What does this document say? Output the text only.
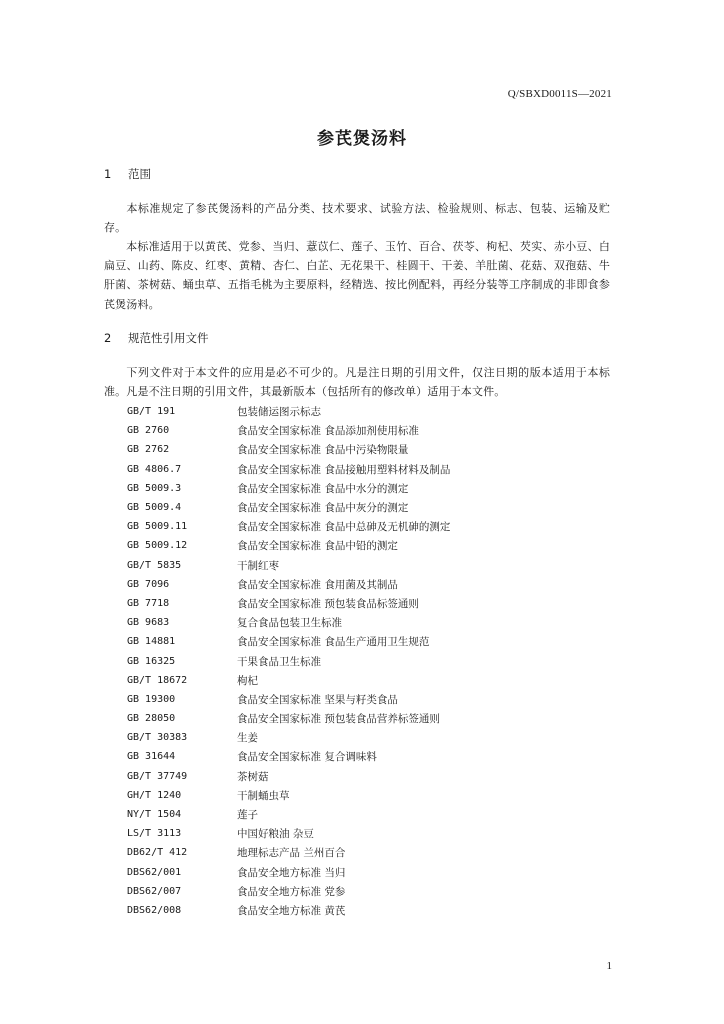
Q/SBXD0011S—2021
参芪煲汤料
1 范围
本标准规定了参芪煲汤料的产品分类、技术要求、试验方法、检验规则、标志、包装、运输及贮存。
本标准适用于以黄芪、党参、当归、薏苡仁、莲子、玉竹、百合、茯苓、枸杞、芡实、赤小豆、白扁豆、山药、陈皮、红枣、黄精、杏仁、白芷、无花果干、桂圆干、干姜、羊肚菌、花菇、双孢菇、牛肝菌、茶树菇、蛹虫草、五指毛桃为主要原料，经精选、按比例配料，再经分装等工序制成的非即食参芪煲汤料。
2 规范性引用文件
下列文件对于本文件的应用是必不可少的。凡是注日期的引用文件，仅注日期的版本适用于本标准。凡是不注日期的引用文件，其最新版本（包括所有的修改单）适用于本文件。
GB/T 191	包装储运图示标志
GB 2760	食品安全国家标准 食品添加剂使用标准
GB 2762	食品安全国家标准 食品中污染物限量
GB 4806.7	食品安全国家标准 食品接触用塑料材料及制品
GB 5009.3	食品安全国家标准 食品中水分的测定
GB 5009.4	食品安全国家标准 食品中灰分的测定
GB 5009.11	食品安全国家标准 食品中总砷及无机砷的测定
GB 5009.12	食品安全国家标准 食品中铅的测定
GB/T 5835	干制红枣
GB 7096	食品安全国家标准 食用菌及其制品
GB 7718	食品安全国家标准 预包装食品标签通则
GB 9683	复合食品包装卫生标准
GB 14881	食品安全国家标准 食品生产通用卫生规范
GB 16325	干果食品卫生标准
GB/T 18672	枸杞
GB 19300	食品安全国家标准 坚果与籽类食品
GB 28050	食品安全国家标准 预包装食品营养标签通则
GB/T 30383	生姜
GB 31644	食品安全国家标准 复合调味料
GB/T 37749	茶树菇
GH/T 1240	干制蛹虫草
NY/T 1504	莲子
LS/T 3113	中国好粮油 杂豆
DB62/T 412	地理标志产品 兰州百合
DBS62/001	食品安全地方标准 当归
DBS62/007	食品安全地方标准 党参
DBS62/008	食品安全地方标准 黄芪
1
